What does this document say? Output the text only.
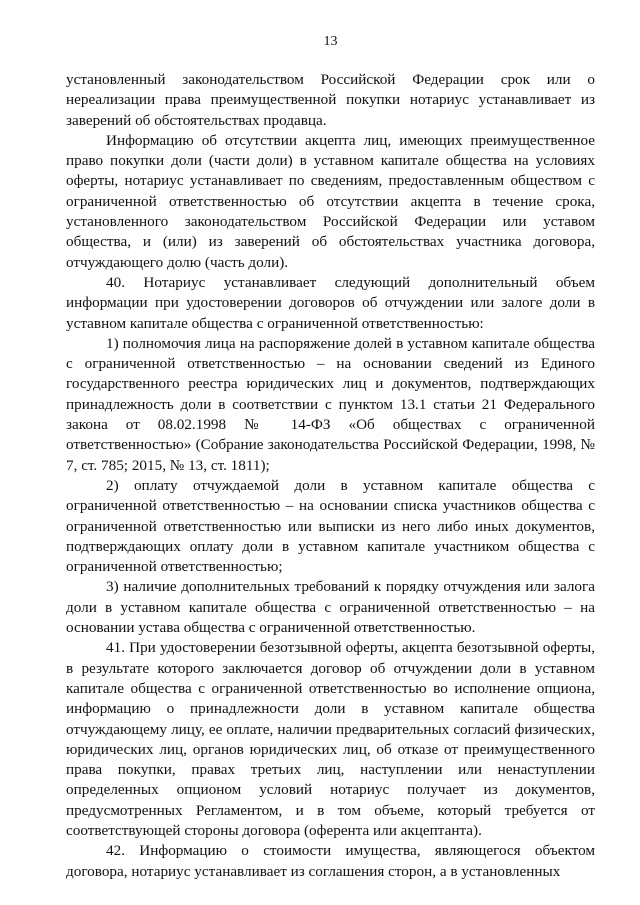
13

установленный законодательством Российской Федерации срок или о нереализации права преимущественной покупки нотариус устанавливает из заверений об обстоятельствах продавца.

Информацию об отсутствии акцепта лиц, имеющих преимущественное право покупки доли (части доли) в уставном капитале общества на условиях оферты, нотариус устанавливает по сведениям, предоставленным обществом с ограниченной ответственностью об отсутствии акцепта в течение срока, установленного законодательством Российской Федерации или уставом общества, и (или) из заверений об обстоятельствах участника договора, отчуждающего долю (часть доли).

40. Нотариус устанавливает следующий дополнительный объем информации при удостоверении договоров об отчуждении или залоге доли в уставном капитале общества с ограниченной ответственностью:

1) полномочия лица на распоряжение долей в уставном капитале общества с ограниченной ответственностью – на основании сведений из Единого государственного реестра юридических лиц и документов, подтверждающих принадлежность доли в соответствии с пунктом 13.1 статьи 21 Федерального закона от 08.02.1998 № 14-ФЗ «Об обществах с ограниченной ответственностью» (Собрание законодательства Российской Федерации, 1998, № 7, ст. 785; 2015, № 13, ст. 1811);

2) оплату отчуждаемой доли в уставном капитале общества с ограниченной ответственностью – на основании списка участников общества с ограниченной ответственностью или выписки из него либо иных документов, подтверждающих оплату доли в уставном капитале участником общества с ограниченной ответственностью;

3) наличие дополнительных требований к порядку отчуждения или залога доли в уставном капитале общества с ограниченной ответственностью – на основании устава общества с ограниченной ответственностью.

41. При удостоверении безотзывной оферты, акцепта безотзывной оферты, в результате которого заключается договор об отчуждении доли в уставном капитале общества с ограниченной ответственностью во исполнение опциона, информацию о принадлежности доли в уставном капитале общества отчуждающему лицу, ее оплате, наличии предварительных согласий физических, юридических лиц, органов юридических лиц, об отказе от преимущественного права покупки, правах третьих лиц, наступлении или ненаступлении определенных опционом условий нотариус получает из документов, предусмотренных Регламентом, и в том объеме, который требуется от соответствующей стороны договора (оферента или акцептанта).

42. Информацию о стоимости имущества, являющегося объектом договора, нотариус устанавливает из соглашения сторон, а в установленных
